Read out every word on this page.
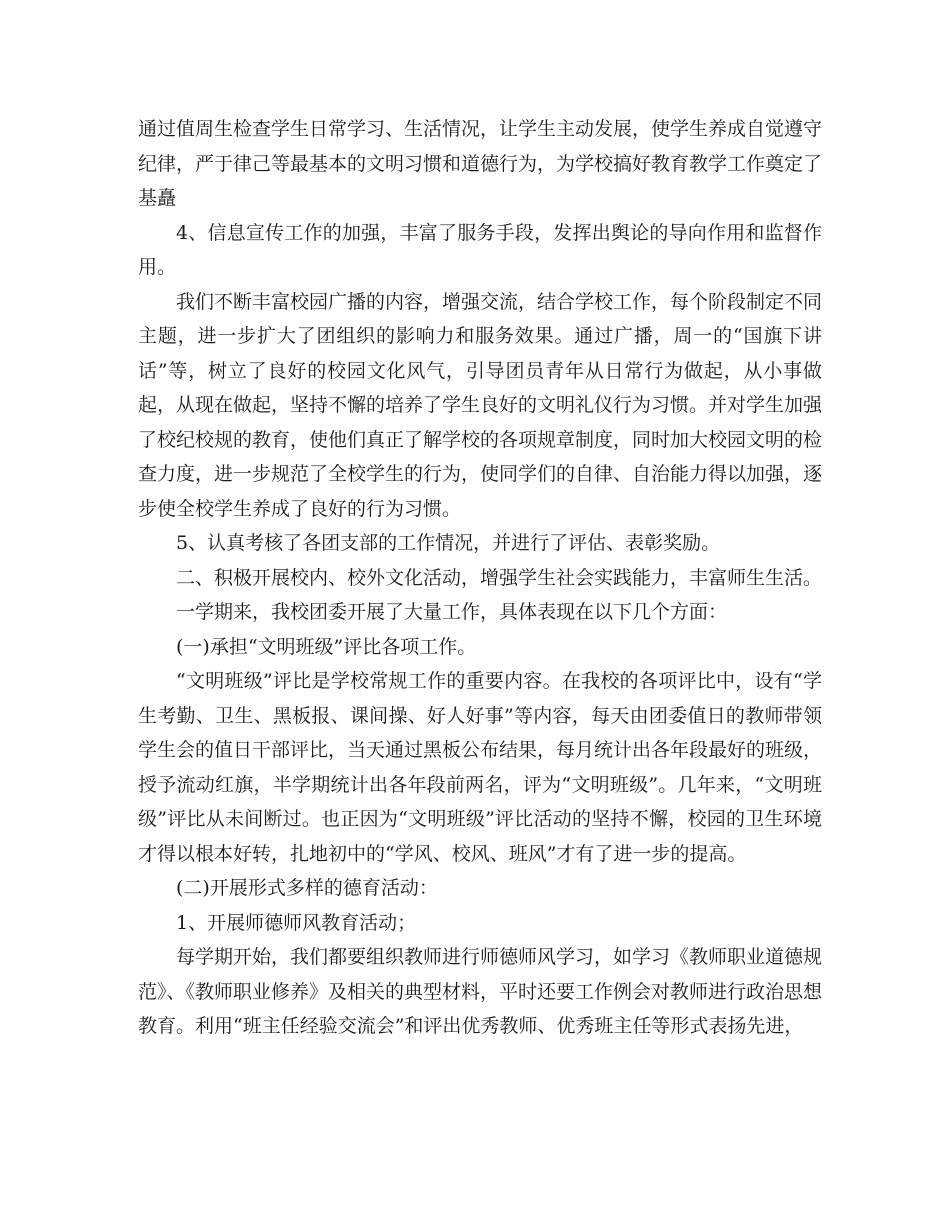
通过值周生检查学生日常学习、生活情况，让学生主动发展，使学生养成自觉遵守纪律，严于律己等最基本的文明习惯和道德行为，为学校搞好教育教学工作奠定了基矗

4、信息宣传工作的加强，丰富了服务手段，发挥出舆论的导向作用和监督作用。

我们不断丰富校园广播的内容，增强交流，结合学校工作，每个阶段制定不同主题，进一步扩大了团组织的影响力和服务效果。通过广播，周一的“国旗下讲话”等，树立了良好的校园文化风气，引导团员青年从日常行为做起，从小事做起，从现在做起，坚持不懈的培养了学生良好的文明礼仪行为习惯。并对学生加强了校纪校规的教育，使他们真正了解学校的各项规章制度，同时加大校园文明的检查力度，进一步规范了全校学生的行为，使同学们的自律、自治能力得以加强，逐步使全校学生养成了良好的行为习惯。

5、认真考核了各团支部的工作情况，并进行了评估、表彰奖励。

二、积极开展校内、校外文化活动，增强学生社会实践能力，丰富师生生活。

一学期来，我校团委开展了大量工作，具体表现在以下几个方面：

(一)承担“文明班级”评比各项工作。

“文明班级”评比是学校常规工作的重要内容。在我校的各项评比中，设有“学生考勤、卫生、黑板报、课间操、好人好事”等内容，每天由团委值日的教师带领学生会的值日干部评比，当天通过黑板公布结果，每月统计出各年段最好的班级，授予流动红旗，半学期统计出各年段前两名，评为“文明班级”。几年来，“文明班级”评比从未间断过。也正因为“文明班级”评比活动的坚持不懈，校园的卫生环境才得以根本好转，扎地初中的“学风、校风、班风”才有了进一步的提高。

(二)开展形式多样的德育活动：

1、开展师德师风教育活动；

每学期开始，我们都要组织教师进行师德师风学习，如学习《教师职业道德规范》、《教师职业修养》及相关的典型材料，平时还要工作例会对教师进行政治思想教育。利用“班主任经验交流会”和评出优秀教师、优秀班主任等形式表扬先进，
